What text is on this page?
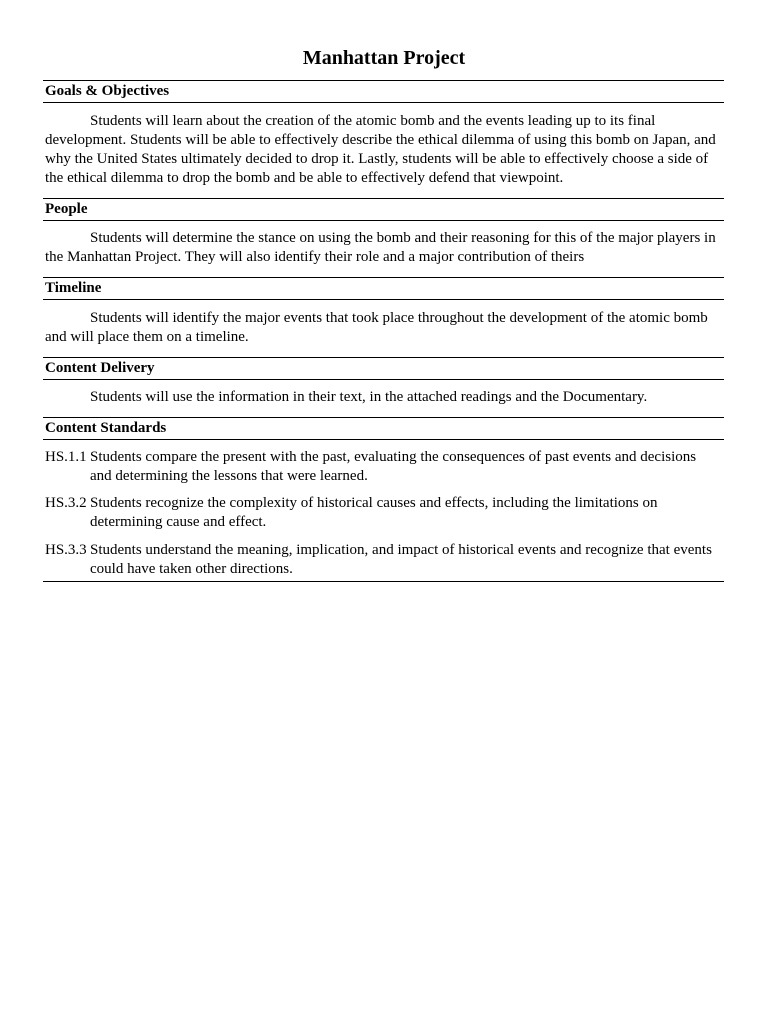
Manhattan Project
Goals & Objectives
Students will learn about the creation of the atomic bomb and the events leading up to its final
development. Students will be able to effectively describe the ethical dilemma of using this bomb on Japan, and
why the United States ultimately decided to drop it. Lastly, students will be able to effectively choose a side of
the ethical dilemma to drop the bomb and be able to effectively defend that viewpoint.
People
Students will determine the stance on using the bomb and their reasoning for this of the major players in
the Manhattan Project. They will also identify their role and a major contribution of theirs
Timeline
Students will identify the major events that took place throughout the development of the atomic bomb
and will place them on a timeline.
Content Delivery
Students will use the information in their text, in the attached readings and the Documentary.
Content Standards
HS.1.1 Students compare the present with the past, evaluating the consequences of past events and decisions
and determining the lessons that were learned.
HS.3.2 Students recognize the complexity of historical causes and effects, including the limitations on
determining cause and effect.
HS.3.3 Students understand the meaning, implication, and impact of historical events and recognize that events
could have taken other directions.
